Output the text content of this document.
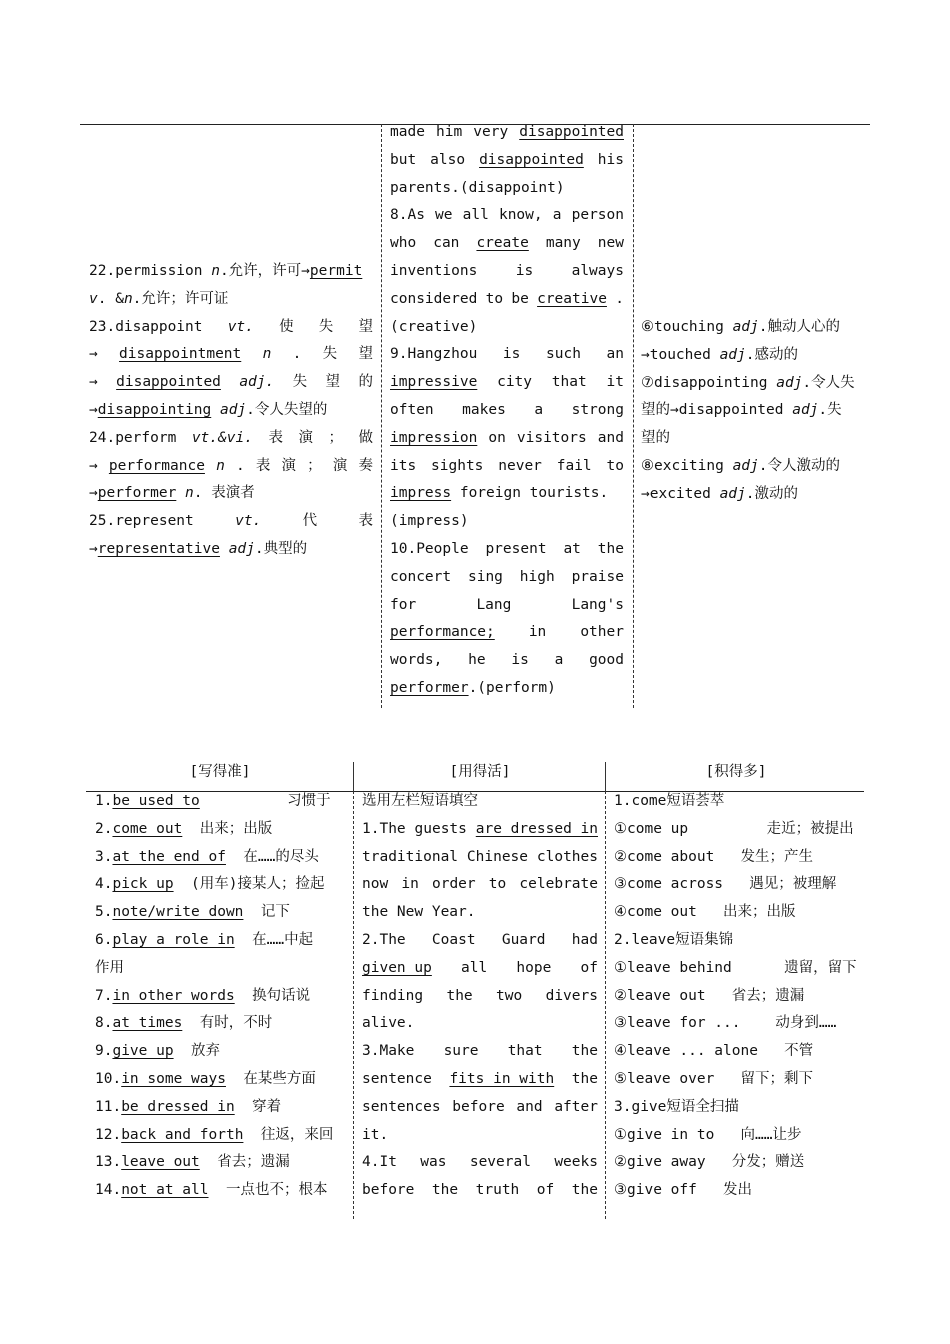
22.permission n .允许，许可→ permit
v . & n .允许；许可证
23.disappoint vt. 使 失 望
→ disappointment n . 失 望
→ disappointed adj. 失 望 的
→ disappointing
adj .令人失望的
24.perform vt.&vi. 表 演 ； 做
→ performance n . 表 演 ； 演 奏
→ performer
n . 表演者
25.represent	vt.	代	表
→ representative
adj .典型的
made him very disappointed
but also disappointed his
parents.(disappoint)
8.As we all know, a person
who can create many new
inventions	is	always
considered to be creative .
(creative)
9.Hangzhou is such an
impressive city that it
often makes a strong
impression on visitors and
its sights never fail to
impress foreign tourists.
(impress)
10.People present at the
concert sing high praise
for	Lang	Lang's
performance; in other
words, he is a good
performer .(perform)
⑥touching adj .触动人心的
→touched adj .感动的
⑦disappointing adj .令人失
望的→disappointed adj .失
望的
⑧exciting adj .令人激动的
→excited adj .激动的
[写得准]	[用得活]	[积得多]
1. be used to 习惯于
2. come out 出来；出版
3. at the end of 在……的尽头
4. pick up (用车)接某人；捡起
5. note/write down 记下
6. play a role in 在……中起
作用
7. in other words 换句话说
8. at times 有时，不时
9. give up 放弃
10. in some ways 在某些方面
11. be dressed in 穿着
12. back and forth 往返，来回
13. leave out 省去；遗漏
14. not at all 一点也不；根本
选用左栏短语填空
1.The guests are dressed in
traditional Chinese clothes
now in order to celebrate
the New Year.
2.The Coast Guard had
given up all hope of
finding the two divers
alive.
3.Make sure that the
sentence fits in with the
sentences before and after
it.
4.It was several weeks
before the truth of the
1.come短语荟萃
①come up         走近；被提出
②come about   发生；产生
③come across   遇见；被理解
④come out   出来；出版
2.leave短语集锦
①leave behind      遗留，留下
②leave out   省去；遗漏
③leave for ...    动身到……
④leave ... alone   不管
⑤leave over   留下；剩下
3.give短语全扫描
①give in to   向……让步
②give away   分发；赠送
③give off   发出
